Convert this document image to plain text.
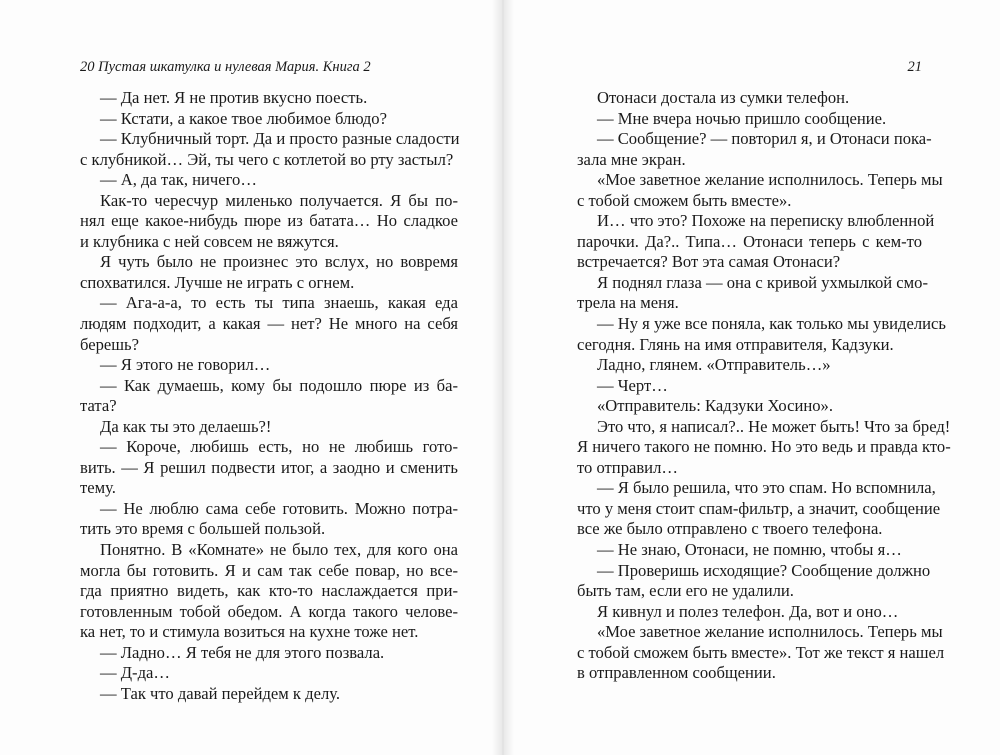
20 Пустая шкатулка и нулевая Мария. Книга 2
— Да нет. Я не против вкусно поесть.
— Кстати, а какое твое любимое блюдо?
— Клубничный торт. Да и просто разные сладости
с клубникой… Эй, ты чего с котлетой во рту застыл?
— А, да так, ничего…
Как-то чересчур миленько получается. Я бы по-
нял еще какое-нибудь пюре из батата… Но сладкое
и клубника с ней совсем не вяжутся.
Я чуть было не произнес это вслух, но вовремя
спохватился. Лучше не играть с огнем.
— Ага-а-а, то есть ты типа знаешь, какая еда
людям подходит, а какая — нет? Не много на себя
берешь?
— Я этого не говорил…
— Как думаешь, кому бы подошло пюре из ба-
тата?
Да как ты это делаешь?!
— Короче, любишь есть, но не любишь гото-
вить. — Я решил подвести итог, а заодно и сменить
тему.
— Не люблю сама себе готовить. Можно потра-
тить это время с большей пользой.
Понятно. В «Комнате» не было тех, для кого она
могла бы готовить. Я и сам так себе повар, но все-
гда приятно видеть, как кто-то наслаждается при-
готовленным тобой обедом. А когда такого челове-
ка нет, то и стимула возиться на кухне тоже нет.
— Ладно… Я тебя не для этого позвала.
— Д-да…
— Так что давай перейдем к делу.
21
Отонаси достала из сумки телефон.
— Мне вчера ночью пришло сообщение.
— Сообщение? — повторил я, и Отонаси пока-
зала мне экран.
«Мое заветное желание исполнилось. Теперь мы
с тобой сможем быть вместе».
И… что это? Похоже на переписку влюбленной
парочки. Да?.. Типа… Отонаси теперь с кем-то
встречается? Вот эта самая Отонаси?
Я поднял глаза — она с кривой ухмылкой смо-
трела на меня.
— Ну я уже все поняла, как только мы увиделись
сегодня. Глянь на имя отправителя, Кадзуки.
Ладно, глянем. «Отправитель…»
— Черт…
«Отправитель: Кадзуки Хосино».
Это что, я написал?.. Не может быть! Что за бред!
Я ничего такого не помню. Но это ведь и правда кто-
то отправил…
— Я было решила, что это спам. Но вспомнила,
что у меня стоит спам-фильтр, а значит, сообщение
все же было отправлено с твоего телефона.
— Не знаю, Отонаси, не помню, чтобы я…
— Проверишь исходящие? Сообщение должно
быть там, если его не удалили.
Я кивнул и полез телефон. Да, вот и оно…
«Мое заветное желание исполнилось. Теперь мы
с тобой сможем быть вместе». Тот же текст я нашел
в отправленном сообщении.
